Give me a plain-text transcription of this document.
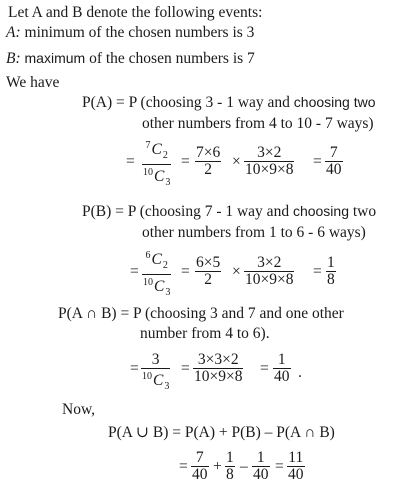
Let A and B denote the following events:
A: minimum of the chosen numbers is 3
B: maximum of the chosen numbers is 7
We have
P(A) = P (choosing 3 - 1 way and choosing two
other numbers from 4 to 10 - 7 ways)
= $\frac{^7C_2}{^{10}C_3} = \frac{7\times 6}{2} \times \frac{3\times 2}{10\times 9\times 8} = \frac{7}{40}$
P(B) = P (choosing 7 - 1 way and choosing two
other numbers from 1 to 6 - 6 ways)
= $\frac{^6C_2}{^{10}C_3} = \frac{6\times 5}{2} \times \frac{3\times 2}{10\times 9\times 8} = \frac{1}{8}$
P(A ∩ B) = P (choosing 3 and 7 and one other
number from 4 to 6).
= $\frac{3}{^{10}C_3} = \frac{3\times 3\times 2}{10\times 9\times 8} = \frac{1}{40}$ .
Now,
P(A ∪ B) = P(A) + P(B) – P(A ∩ B)
= $\frac{7}{40} + \frac{1}{8} - \frac{1}{40} = \frac{11}{40}$
